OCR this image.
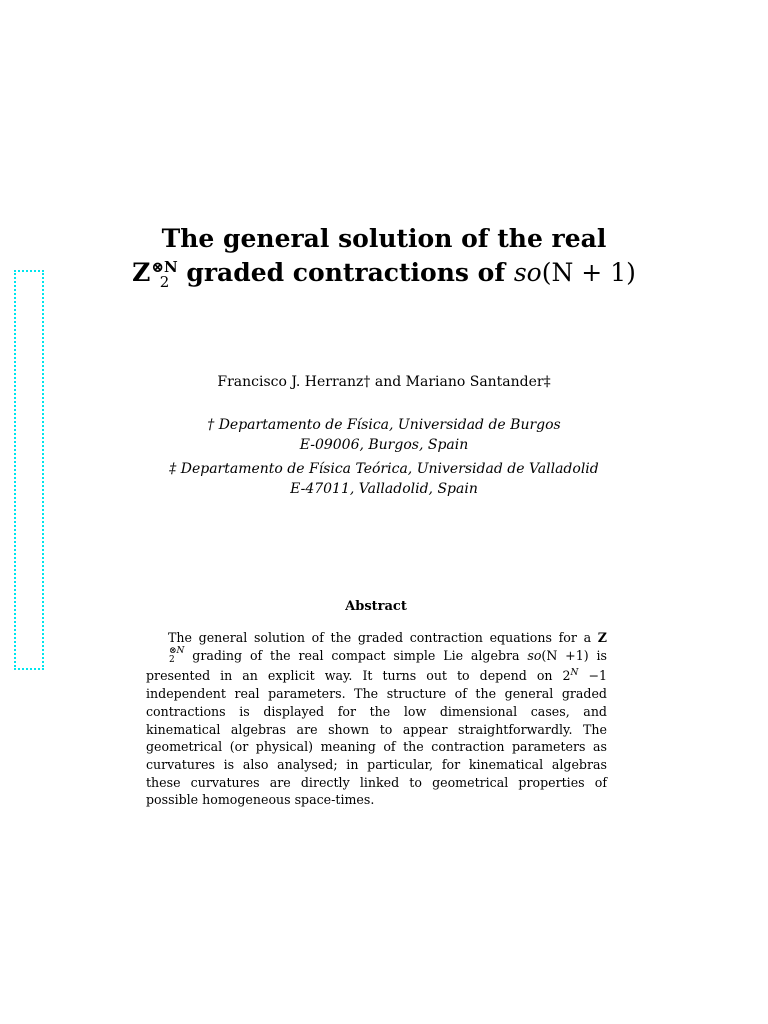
The general solution of the real
Z ⊗N
2 graded contractions of so(N + 1)
Francisco J. Herranz† and Mariano Santander‡
† Departamento de Física, Universidad de Burgos
E-09006, Burgos, Spain
‡ Departamento de Física Teórica, Universidad de Valladolid
E-47011, Valladolid, Spain
Abstract

The general solution of the graded contraction equations for a Z
⊗N
2 grading of the real compact simple Lie algebra so(N +1) is presented in an explicit way. It turns out to depend on $2^N -1$ independent real parameters. The structure of the general graded contractions is displayed for the low dimensional cases, and kinematical algebras are shown to appear straightforwardly. The geometrical (or physical) meaning of the contraction parameters as curvatures is also analysed; in particular, for kinematical algebras these curvatures are directly linked to geometrical properties of possible homogeneous space-times.
